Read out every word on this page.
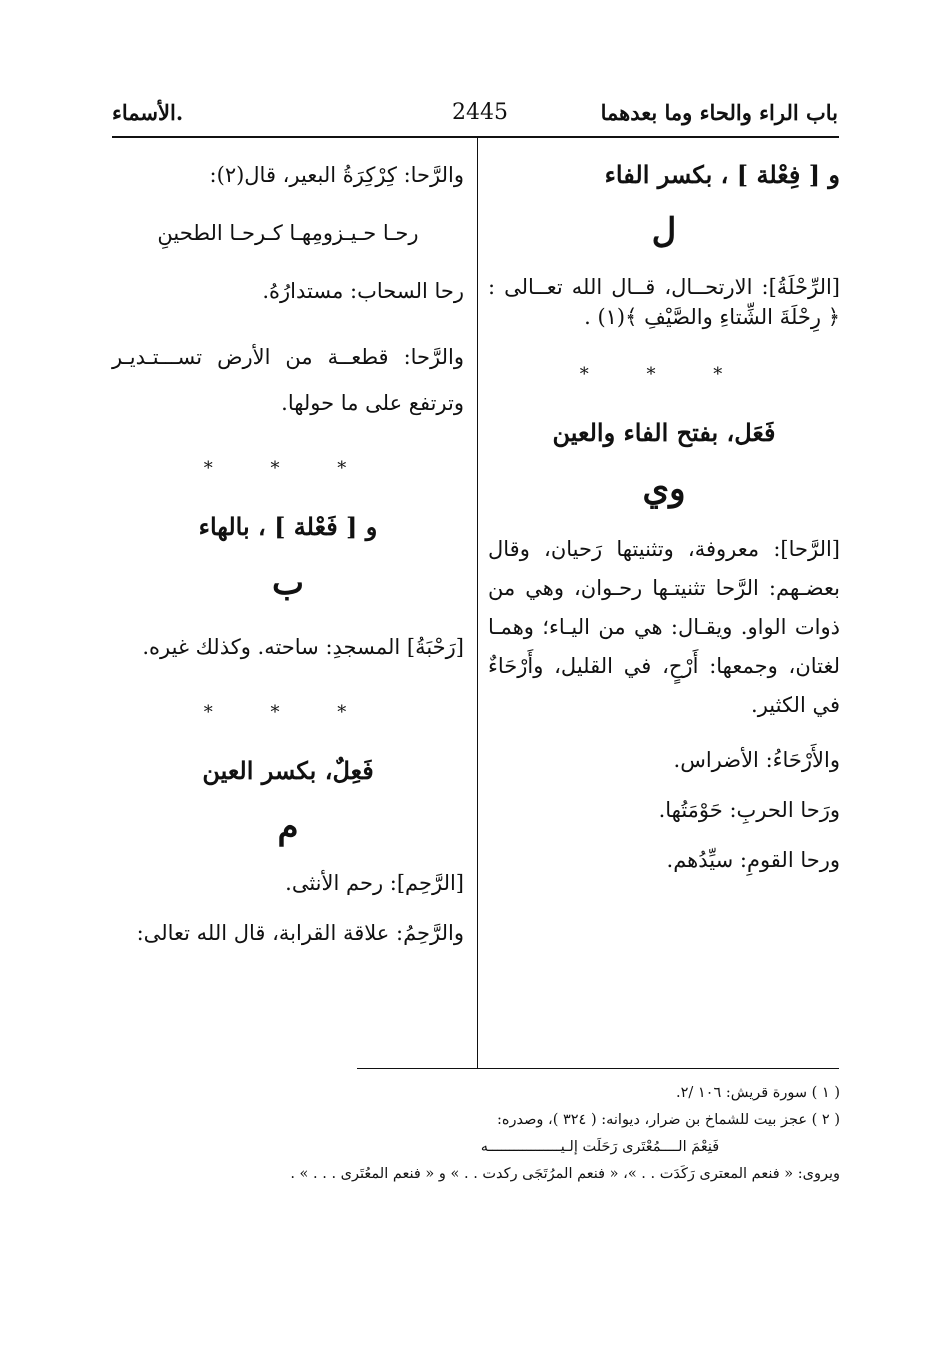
باب الراء والحاء وما بعدهما
2445
.الأسماء
و [ فِعْلة ] ، بكسر الفاء
ل

[الرِّحْلَةُ]: الارتحــال، قــال الله تعــالى : ﴿ رِحْلَةَ الشِّتاءِ والصَّيْفِ ﴾(١) .

* * *
فَعَل، بفتح الفاء والعين
وي

[الرَّحا]: معروفة، وتثنيتها رَحيان، وقال بعضـهم: الرَّحا تثنيتـها رحـوان، وهي من ذوات الواو. ويقـال: هي من اليـاء؛ وهمـا لغتان، وجمعها: أَرْحٍ، في القليل، وأَرْحَاءٌ في الكثير.

والأَرْحَاءُ: الأضراس.

ورَحا الحربِ: حَوْمَتُها.

ورحا القومِ: سيِّدُهم.

والرَّحا: كِرْكِرَةُ البعير، قال(٢):

رحـا حـيـزومِهـا كـرحـا الطحينِ

رحا السحاب: مستدارُهُ.

والرَّحا: قطعــة من الأرض تســـتـديـر وترتفع على ما حولها.

* * *
و [ فَعْلة ] ، بالهاء
ب

[رَحْبَةُ] المسجدِ: ساحته. وكذلك غيره.

* * *
فَعِلٌ، بكسر العين
م

[الرَّحِم]: رحم الأنثى.

والرَّحِمُ: علاقة القرابة، قال الله تعالى:

( ١ ) سورة قريش: ١٠٦ /٢.
( ٢ ) عجز بيت للشماخ بن ضرار، ديوانه: ( ٣٢٤ )، وصدره:
فَنِعْمَ الــــمُعْتَرى رَحَلَت إلـيـــــــــــــــــه
ويروى: « فنعم المعترى رَكَدَت . . »، « فنعم المرُتَجَى ركدت . . » و « فنعم المعُتَرى . . . » .
